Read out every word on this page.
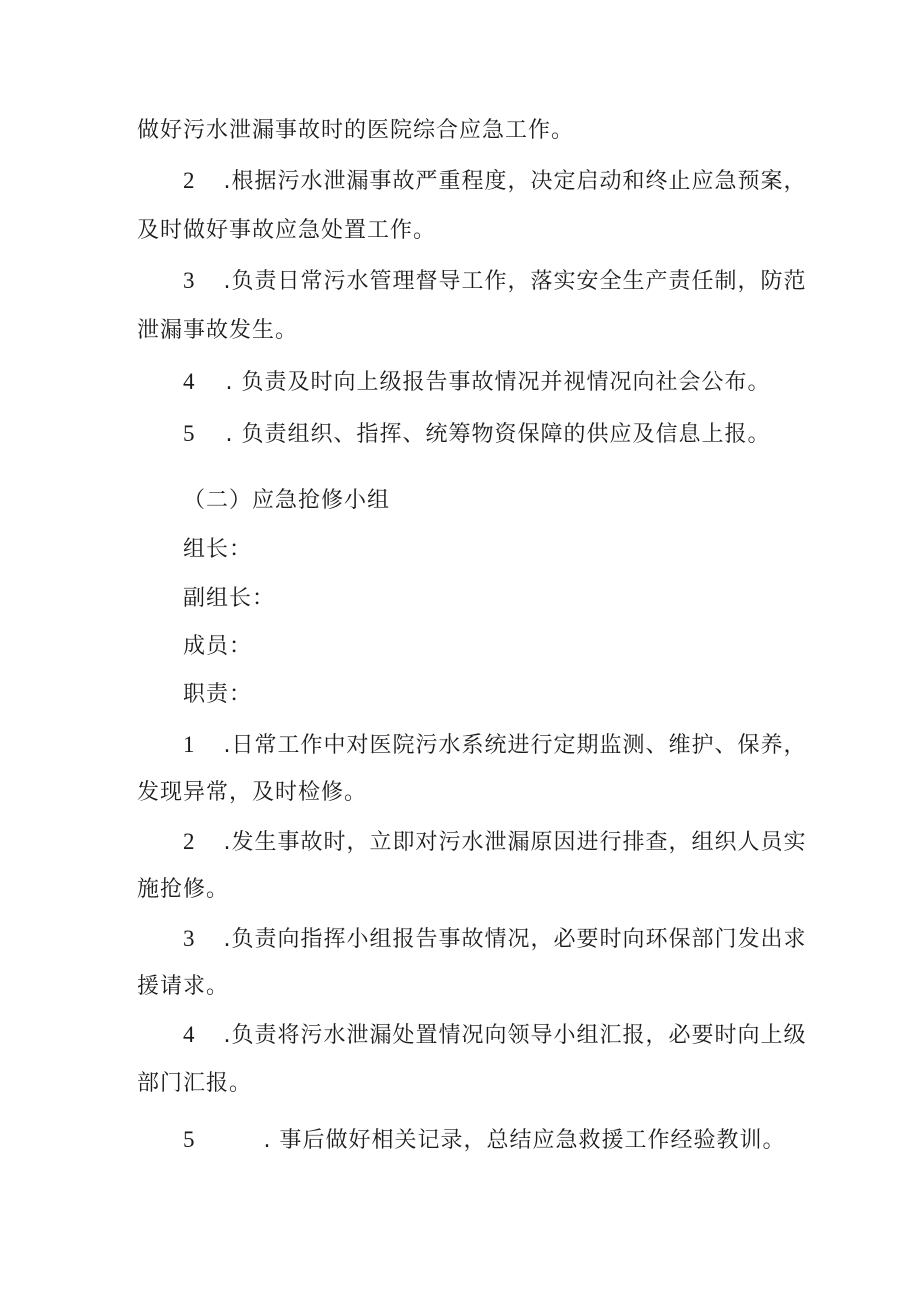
做好污水泄漏事故时的医院综合应急工作。
2 .根据污水泄漏事故严重程度，决定启动和终止应急预案，
及时做好事故应急处置工作。
3 .负责日常污水管理督导工作，落实安全生产责任制，防范
泄漏事故发生。
4 . 负责及时向上级报告事故情况并视情况向社会公布。
5 . 负责组织、指挥、统筹物资保障的供应及信息上报。
（二）应急抢修小组
组长：
副组长：
成员：
职责：
1 .日常工作中对医院污水系统进行定期监测、维护、保养，
发现异常，及时检修。
2 .发生事故时，立即对污水泄漏原因进行排查，组织人员实
施抢修。
3 .负责向指挥小组报告事故情况，必要时向环保部门发出求
援请求。
4 .负责将污水泄漏处置情况向领导小组汇报，必要时向上级
部门汇报。
5	. 事后做好相关记录，总结应急救援工作经验教训。
